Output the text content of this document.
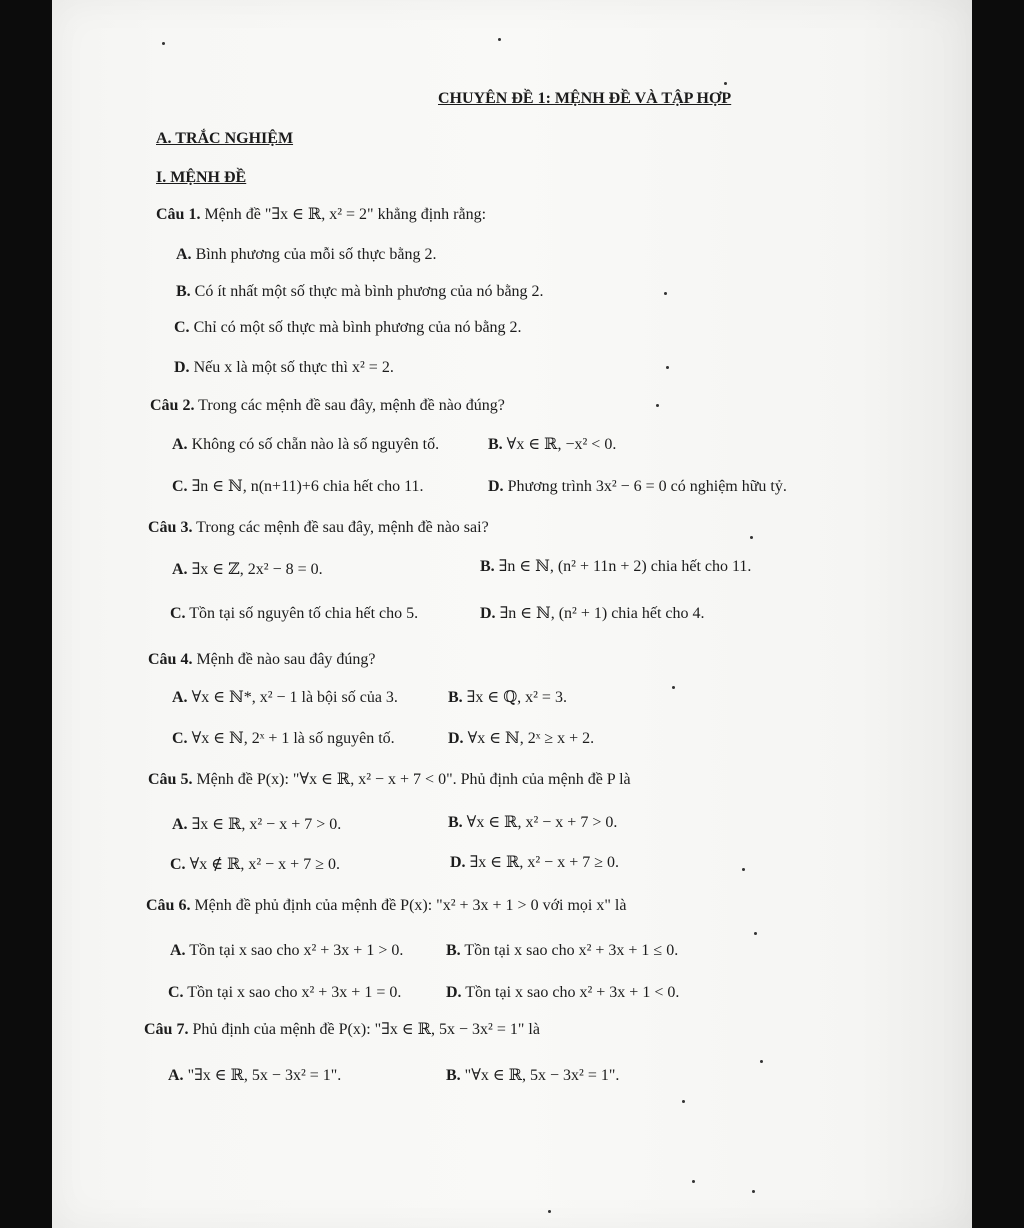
CHUYÊN ĐỀ 1: MỆNH ĐỀ VÀ TẬP HỢP
A. TRẮC NGHIỆM
I. MỆNH ĐỀ
Câu 1. Mệnh đề "∃x ∈ ℝ, x² = 2" khẳng định rằng:
A. Bình phương của mỗi số thực bằng 2.
B. Có ít nhất một số thực mà bình phương của nó bằng 2.
C. Chỉ có một số thực mà bình phương của nó bằng 2.
D. Nếu x là một số thực thì x² = 2.
Câu 2. Trong các mệnh đề sau đây, mệnh đề nào đúng?
A. Không có số chẵn nào là số nguyên tố.	B. ∀x ∈ ℝ, −x² < 0.
C. ∃n ∈ ℕ, n(n+11)+6 chia hết cho 11.	D. Phương trình 3x² − 6 = 0 có nghiệm hữu tỷ.
Câu 3. Trong các mệnh đề sau đây, mệnh đề nào sai?
A. ∃x ∈ ℤ, 2x² − 8 = 0.	B. ∃n ∈ ℕ, (n² + 11n + 2) chia hết cho 11.
C. Tồn tại số nguyên tố chia hết cho 5.	D. ∃n ∈ ℕ, (n² + 1) chia hết cho 4.
Câu 4. Mệnh đề nào sau đây đúng?
A. ∀x ∈ ℕ*, x² − 1 là bội số của 3.	B. ∃x ∈ ℚ, x² = 3.
C. ∀x ∈ ℕ, 2ˣ + 1 là số nguyên tố.	D. ∀x ∈ ℕ, 2ˣ ≥ x + 2.
Câu 5. Mệnh đề P(x): "∀x ∈ ℝ, x² − x + 7 < 0". Phủ định của mệnh đề P là
A. ∃x ∈ ℝ, x² − x + 7 > 0.	B. ∀x ∈ ℝ, x² − x + 7 > 0.
C. ∀x ∉ ℝ, x² − x + 7 ≥ 0.	D. ∃x ∈ ℝ, x² − x + 7 ≥ 0.
Câu 6. Mệnh đề phủ định của mệnh đề P(x): "x² + 3x + 1 > 0 với mọi x" là
A. Tồn tại x sao cho x² + 3x + 1 > 0.	B. Tồn tại x sao cho x² + 3x + 1 ≤ 0.
C. Tồn tại x sao cho x² + 3x + 1 = 0.	D. Tồn tại x sao cho x² + 3x + 1 < 0.
Câu 7. Phủ định của mệnh đề P(x): "∃x ∈ ℝ, 5x − 3x² = 1" là
A. "∃x ∈ ℝ, 5x − 3x² = 1".	B. "∀x ∈ ℝ, 5x − 3x² = 1".
